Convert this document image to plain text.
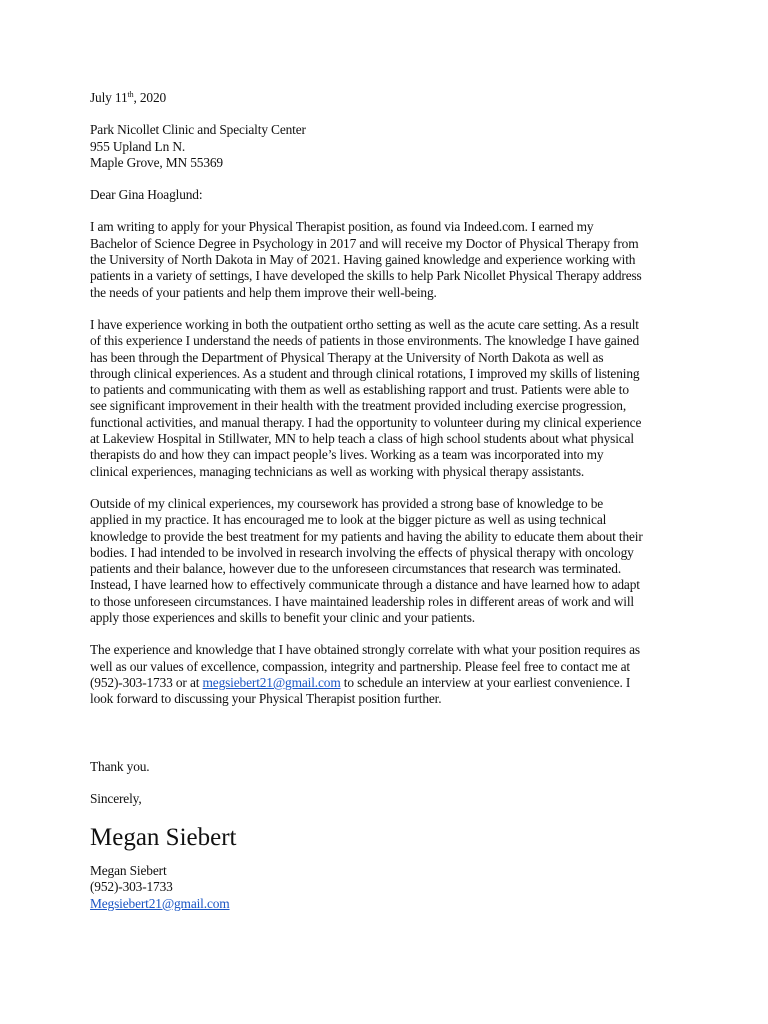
July 11th, 2020
Park Nicollet Clinic and Specialty Center
955 Upland Ln N.
Maple Grove, MN 55369
Dear Gina Hoaglund:
I am writing to apply for your Physical Therapist position, as found via Indeed.com. I earned my
Bachelor of Science Degree in Psychology in 2017 and will receive my Doctor of Physical Therapy from
the University of North Dakota in May of 2021. Having gained knowledge and experience working with
patients in a variety of settings, I have developed the skills to help Park Nicollet Physical Therapy address
the needs of your patients and help them improve their well-being.
I have experience working in both the outpatient ortho setting as well as the acute care setting. As a result
of this experience I understand the needs of patients in those environments. The knowledge I have gained
has been through the Department of Physical Therapy at the University of North Dakota as well as
through clinical experiences. As a student and through clinical rotations, I improved my skills of listening
to patients and communicating with them as well as establishing rapport and trust. Patients were able to
see significant improvement in their health with the treatment provided including exercise progression,
functional activities, and manual therapy. I had the opportunity to volunteer during my clinical experience
at Lakeview Hospital in Stillwater, MN to help teach a class of high school students about what physical
therapists do and how they can impact people’s lives. Working as a team was incorporated into my
clinical experiences, managing technicians as well as working with physical therapy assistants.
Outside of my clinical experiences, my coursework has provided a strong base of knowledge to be
applied in my practice. It has encouraged me to look at the bigger picture as well as using technical
knowledge to provide the best treatment for my patients and having the ability to educate them about their
bodies. I had intended to be involved in research involving the effects of physical therapy with oncology
patients and their balance, however due to the unforeseen circumstances that research was terminated.
Instead, I have learned how to effectively communicate through a distance and have learned how to adapt
to those unforeseen circumstances. I have maintained leadership roles in different areas of work and will
apply those experiences and skills to benefit your clinic and your patients.
The experience and knowledge that I have obtained strongly correlate with what your position requires as
well as our values of excellence, compassion, integrity and partnership. Please feel free to contact me at
(952)-303-1733 or at megsiebert21@gmail.com to schedule an interview at your earliest convenience. I
look forward to discussing your Physical Therapist position further.
Thank you.
Sincerely,
Megan Siebert
Megan Siebert
(952)-303-1733
Megsiebert21@gmail.com
